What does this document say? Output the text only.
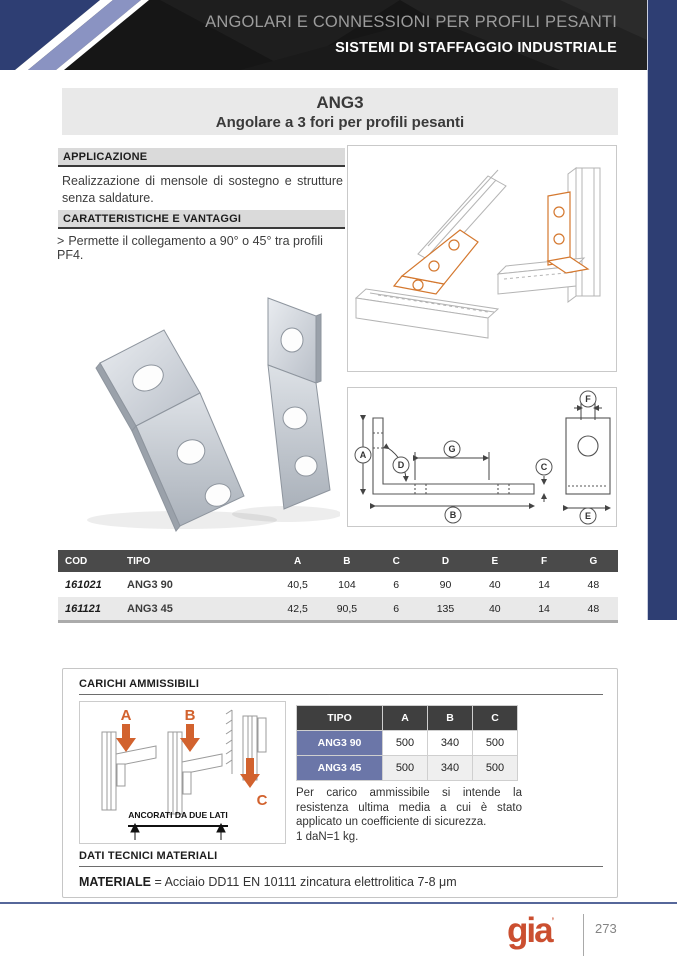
ANGOLARI E CONNESSIONI PER PROFILI PESANTI
SISTEMI DI STAFFAGGIO INDUSTRIALE
ANG3
Angolare a 3 fori per profili pesanti
APPLICAZIONE
Realizzazione di mensole di sostegno e strutture senza saldature.
CARATTERISTICHE E VANTAGGI
> Permette il collegamento a 90° o 45° tra profili PF4.
A
B
C
D
E
F
G
COD	TIPO	A	B	C	D	E	F	G
161021	ANG3 90	40,5	104	6	90	40	14	48
161121	ANG3 45	42,5	90,5	6	135	40	14	48
CARICHI AMMISSIBILI
A	B
C
ANCORATI DA DUE LATI
TIPO	A	B	C
ANG3 90	500	340	500
ANG3 45	500	340	500
Per carico ammissibile si intende la resistenza ultima media a cui è stato applicato un coefficiente di sicurezza.
1 daN=1 kg.
DATI TECNICI MATERIALI
MATERIALE = Acciaio DD11 EN 10111 zincatura elettrolitica 7-8 μm
gia’	273
